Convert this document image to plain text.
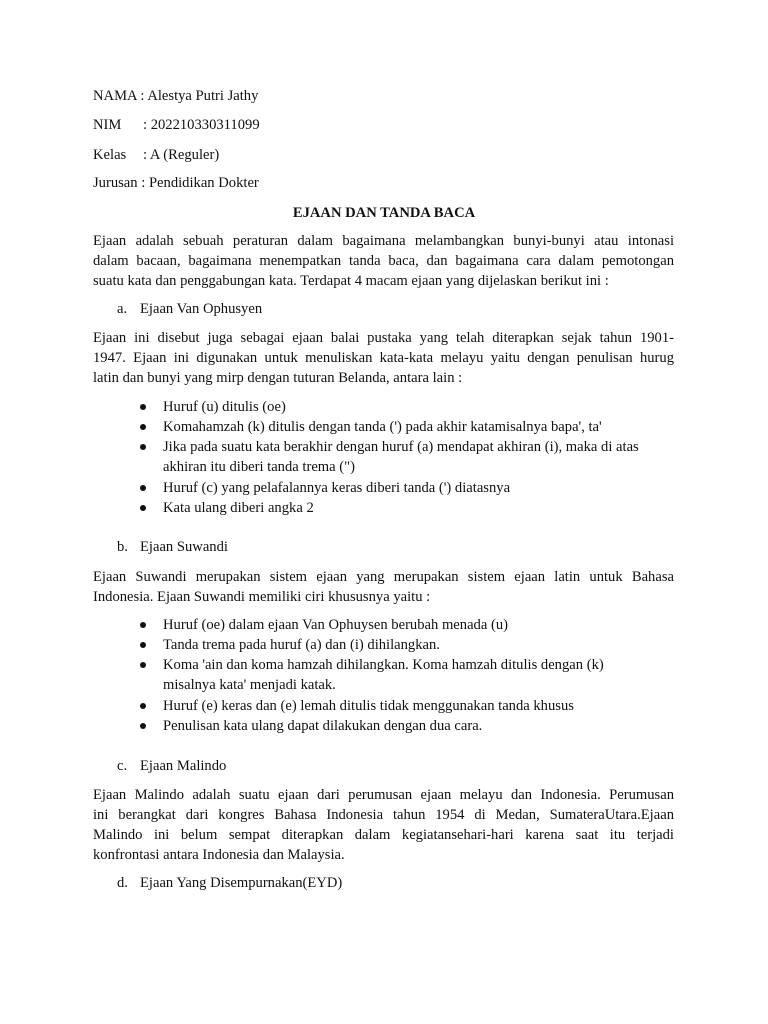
NAMA : Alestya Putri Jathy
NIM : 202210330311099
Kelas : A (Reguler)
Jurusan : Pendidikan Dokter
EJAAN DAN TANDA BACA
Ejaan adalah sebuah peraturan dalam bagaimana melambangkan bunyi-bunyi atau intonasi
dalam bacaan, bagaimana menempatkan tanda baca, dan bagaimana cara dalam pemotongan
suatu kata dan penggabungan kata. Terdapat 4 macam ejaan yang dijelaskan berikut ini :
a. Ejaan Van Ophusyen
Ejaan ini disebut juga sebagai ejaan balai pustaka yang telah diterapkan sejak tahun 1901-
1947. Ejaan ini digunakan untuk menuliskan kata-kata melayu yaitu dengan penulisan hurug
latin dan bunyi yang mirp dengan tuturan Belanda, antara lain :
Huruf (u) ditulis (oe)
Komahamzah (k) ditulis dengan tanda (') pada akhir katamisalnya bapa', ta'
Jika pada suatu kata berakhir dengan huruf (a) mendapat akhiran (i), maka di atas
akhiran itu diberi tanda trema (")
Huruf (c) yang pelafalannya keras diberi tanda (') diatasnya
Kata ulang diberi angka 2
b. Ejaan Suwandi
Ejaan Suwandi merupakan sistem ejaan yang merupakan sistem ejaan latin untuk Bahasa
Indonesia. Ejaan Suwandi memiliki ciri khususnya yaitu :
Huruf (oe) dalam ejaan Van Ophuysen berubah menada (u)
Tanda trema pada huruf (a) dan (i) dihilangkan.
Koma 'ain dan koma hamzah dihilangkan. Koma hamzah ditulis dengan (k)
misalnya kata' menjadi katak.
Huruf (e) keras dan (e) lemah ditulis tidak menggunakan tanda khusus
Penulisan kata ulang dapat dilakukan dengan dua cara.
c. Ejaan Malindo
Ejaan Malindo adalah suatu ejaan dari perumusan ejaan melayu dan Indonesia. Perumusan
ini berangkat dari kongres Bahasa Indonesia tahun 1954 di Medan, SumateraUtara.Ejaan
Malindo ini belum sempat diterapkan dalam kegiatansehari-hari karena saat itu terjadi
konfrontasi antara Indonesia dan Malaysia.
d. Ejaan Yang Disempurnakan(EYD)
